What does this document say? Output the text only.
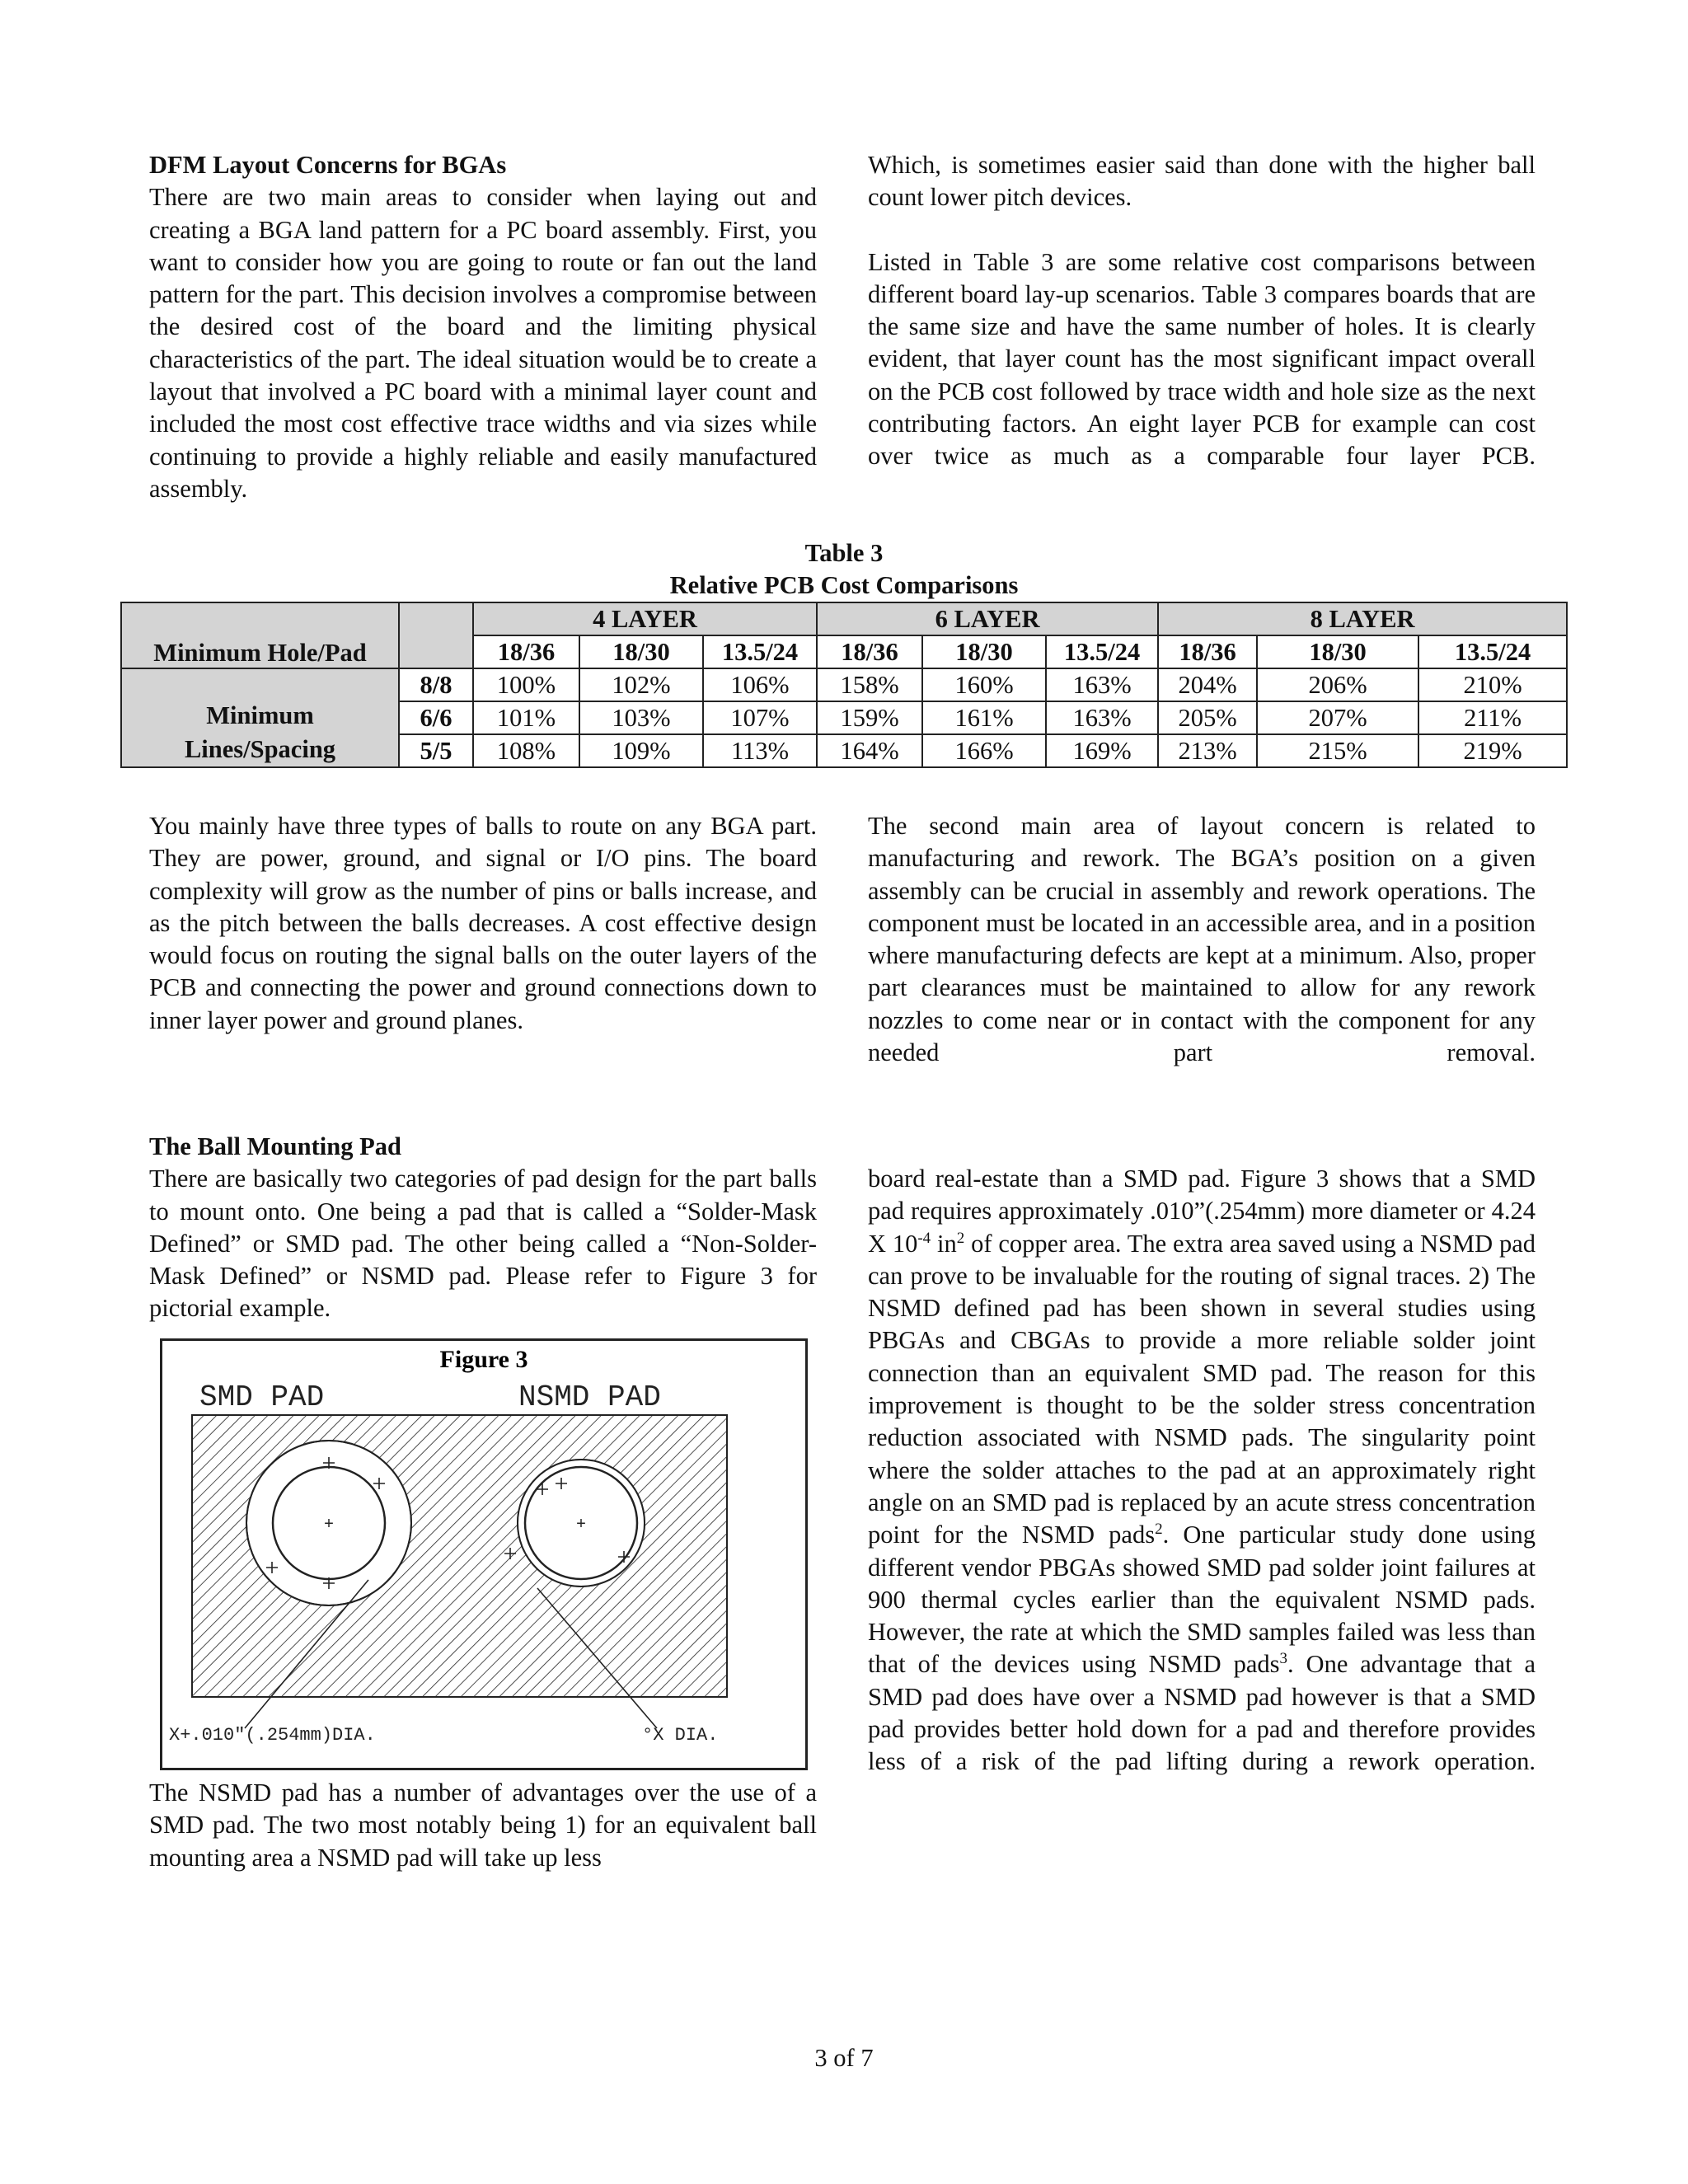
DFM Layout Concerns for BGAs

There are two main areas to consider when laying out and creating a BGA land pattern for a PC board assembly. First, you want to consider how you are going to route or fan out the land pattern for the part. This decision involves a compromise between the desired cost of the board and the limiting physical characteristics of the part. The ideal situation would be to create a layout that involved a PC board with a minimal layer count and included the most cost effective trace widths and via sizes while continuing to provide a highly reliable and easily manufactured assembly.

Which, is sometimes easier said than done with the higher ball count lower pitch devices.

Listed in Table 3 are some relative cost comparisons between different board lay-up scenarios. Table 3 compares boards that are the same size and have the same number of holes. It is clearly evident, that layer count has the most significant impact overall on the PCB cost followed by trace width and hole size as the next contributing factors. An eight layer PCB for example can cost over twice as much as a comparable four layer PCB.

Table 3
Relative PCB Cost Comparisons
Minimum Hole/Pad		4 LAYER			6 LAYER			8 LAYER		
		18/36	18/30	13.5/24	18/36	18/30	13.5/24	18/36	18/30	13.5/24

Minimum
Lines/Spacing	8/8	100%	102%	106%	158%	160%	163%	204%	206%	210%
	6/6	101%	103%	107%	159%	161%	163%	205%	207%	211%
	5/5	108%	109%	113%	164%	166%	169%	213%	215%	219%

You mainly have three types of balls to route on any BGA part. They are power, ground, and signal or I/O pins. The board complexity will grow as the number of pins or balls increase, and as the pitch between the balls decreases. A cost effective design would focus on routing the signal balls on the outer layers of the PCB and connecting the power and ground connections down to inner layer power and ground planes.

The second main area of layout concern is related to manufacturing and rework. The BGA’s position on a given assembly can be crucial in assembly and rework operations. The component must be located in an accessible area, and in a position where manufacturing defects are kept at a minimum. Also, proper part clearances must be maintained to allow for any rework nozzles to come near or in contact with the component for any needed part removal.

The Ball Mounting Pad

There are basically two categories of pad design for the part balls to mount onto. One being a pad that is called a “Solder-Mask Defined” or SMD pad. The other being called a “Non-Solder-Mask Defined” or NSMD pad. Please refer to Figure 3 for pictorial example.

board real-estate than a SMD pad. Figure 3 shows that a SMD pad requires approximately .010”(.254mm) more diameter or 4.24 X $10^{-4}$ $in^2$ of copper area. The extra area saved using a NSMD pad can prove to be invaluable for the routing of signal traces. 2) The NSMD defined pad has been shown in several studies using PBGAs and CBGAs to provide a more reliable solder joint connection than an equivalent SMD pad. The reason for this improvement is thought to be the solder stress concentration reduction associated with NSMD pads. The singularity point where the solder attaches to the pad at an approximately right angle on an SMD pad is replaced by an acute stress concentration point for the NSMD pads$^2$. One particular study done using different vendor PBGAs showed SMD pad solder joint failures at 900 thermal cycles earlier than the equivalent NSMD pads. However, the rate at which the SMD samples failed was less than that of the devices using NSMD pads$^3$. One advantage that a SMD pad does have over a NSMD pad however is that a SMD pad provides better hold down for a pad and therefore provides less of a risk of the pad lifting during a rework operation.

Figure 3
SMD PAD	NSMD PAD
+	+
X+.010"(.254mm)DIA.	°X DIA.

The NSMD pad has a number of advantages over the use of a SMD pad. The two most notably being 1) for an equivalent ball mounting area a NSMD pad will take up less

3 of 7
